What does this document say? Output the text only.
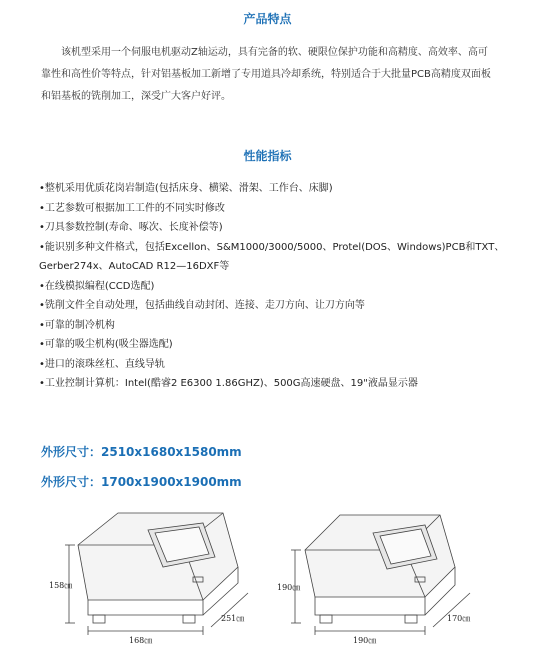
产品特点

该机型采用一个伺服电机驱动Z轴运动，具有完备的软、硬限位保护功能和高精度、高效率、高可靠性和高性价等特点，针对铝基板加工新增了专用道具冷却系统，特别适合于大批量PCB高精度双面板和铝基板的铣削加工，深受广大客户好评。

性能指标
•整机采用优质花岗岩制造(包括床身、横梁、滑架、工作台、床脚)
•工艺参数可根据加工工件的不同实时修改
•刀具参数控制(寿命、啄次、长度补偿等)
•能识别多种文件格式，包括Excellon、S&M1000/3000/5000、Protel(DOS、Windows)PCB和TXT、Gerber274x、AutoCAD R12—16DXF等
•在线模拟编程(CCD选配)
•铣削文件全自动处理，包括曲线自动封闭、连接、走刀方向、让刀方向等
•可靠的制冷机构
•可靠的吸尘机构(吸尘器选配)
•进口的滚珠丝杠、直线导轨
•工业控制计算机：Intel(酷睿2 E6300 1.86GHZ)、500G高速硬盘、19"液晶显示器
外形尺寸：2510x1680x1580mm
外形尺寸：1700x1900x1900mm
158㎝
168㎝
251㎝
190㎝
190㎝
170㎝
